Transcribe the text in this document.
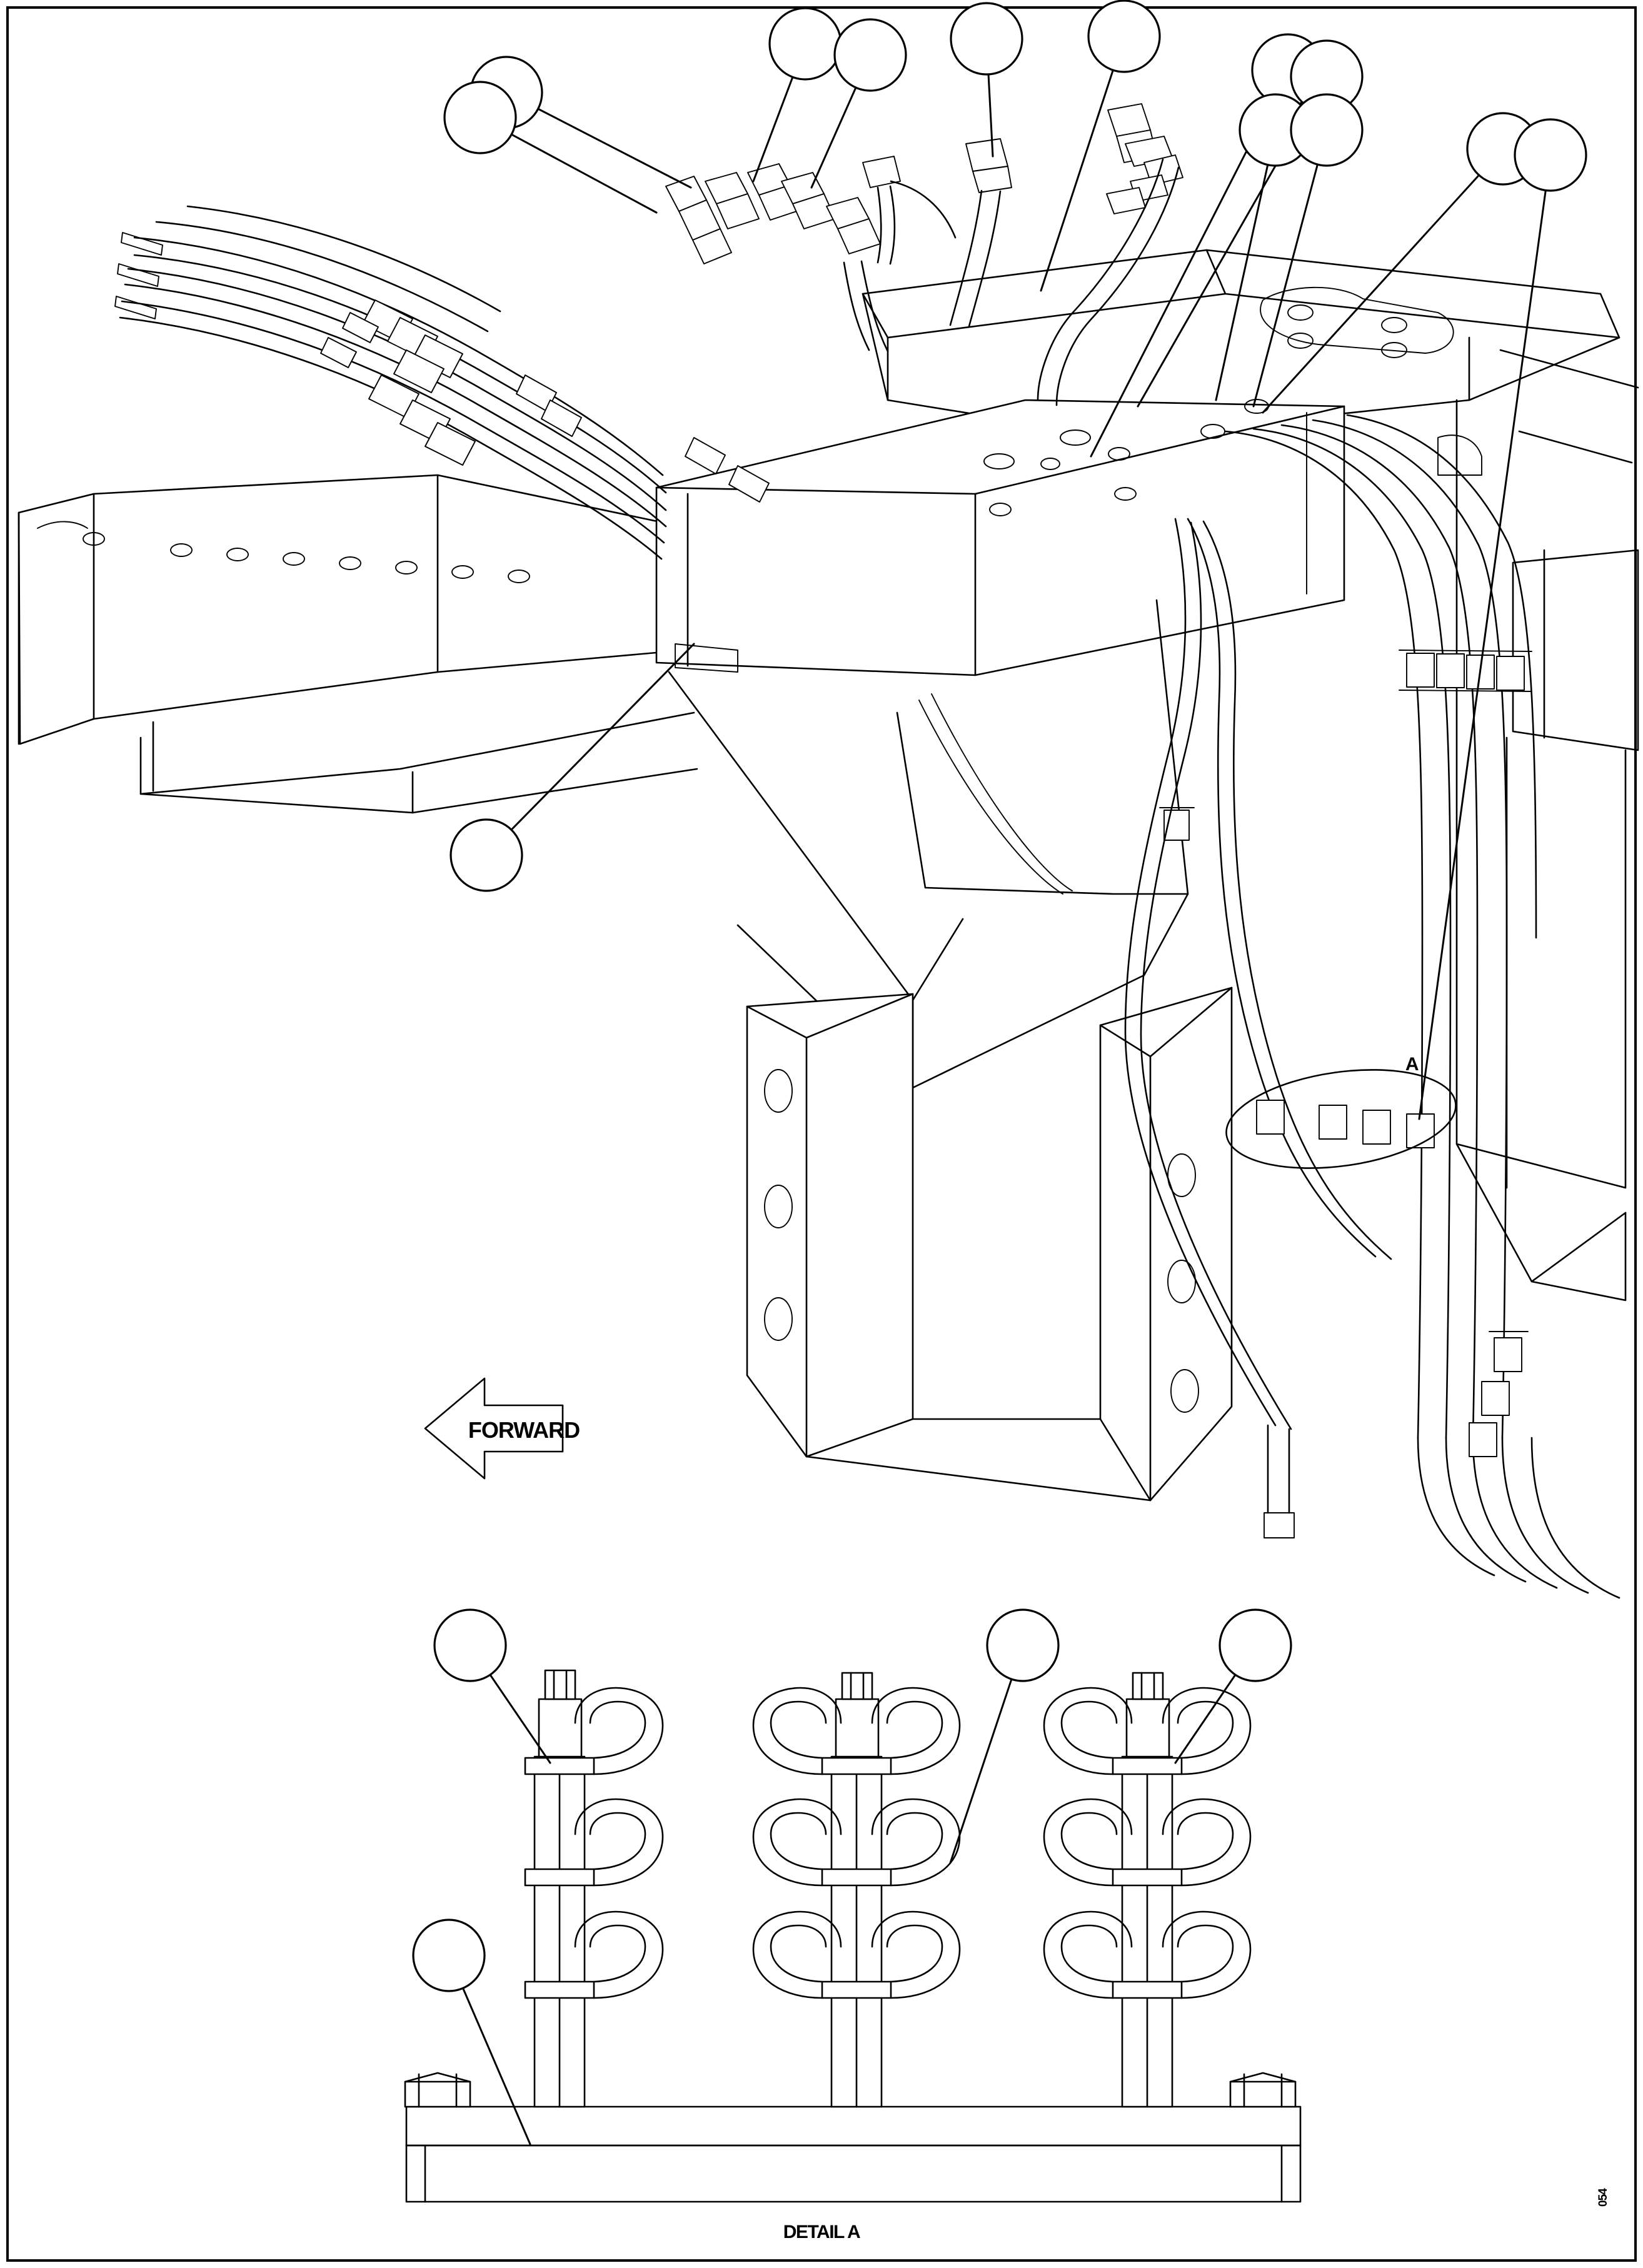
A
FORWARD
DETAIL A
054
